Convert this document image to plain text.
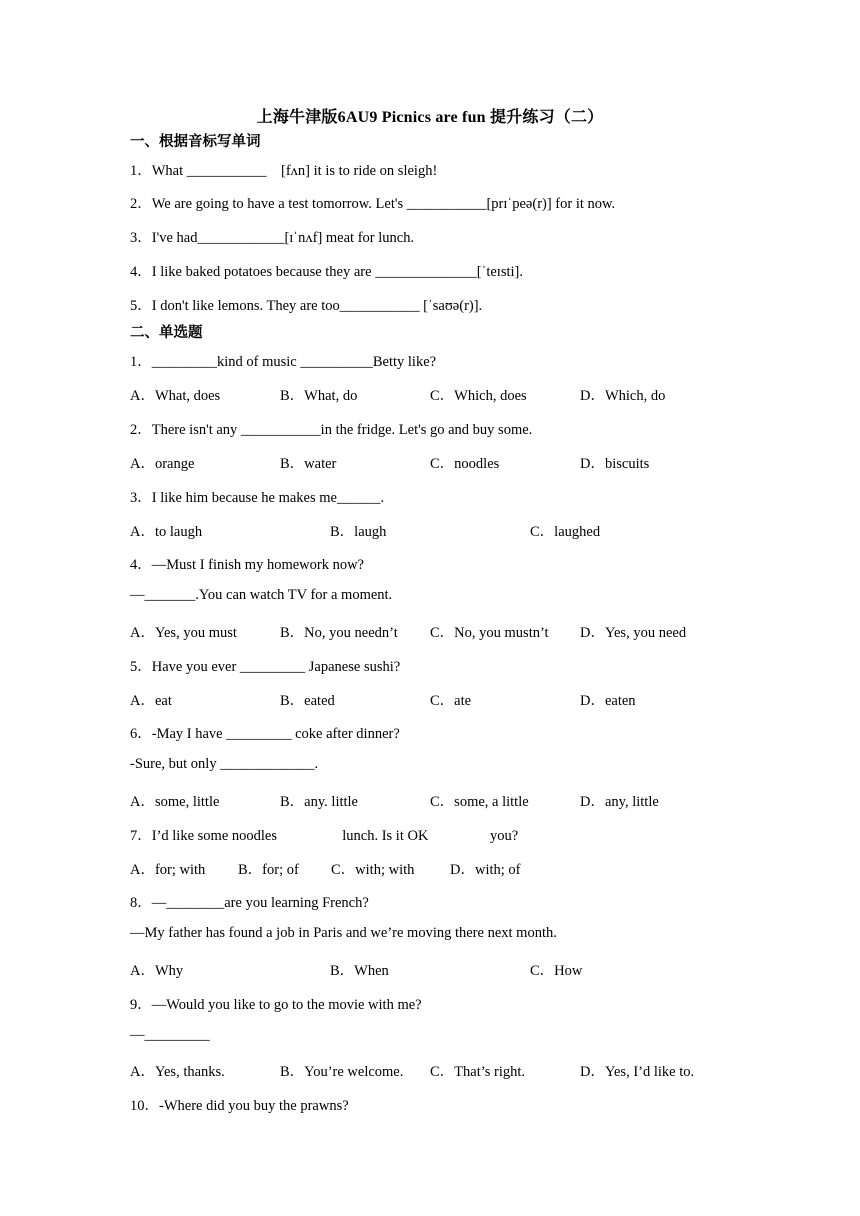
上海牛津版6AU9 Picnics are fun 提升练习（二）
一、根据音标写单词
1．What ___________    [fʌn] it is to ride on sleigh!
2．We are going to have a test tomorrow. Let's ___________[prɪˈpeə(r)] for it now.
3．I've had____________[ɪˈnʌf] meat for lunch.
4．I like baked potatoes because they are ______________[ˈteɪsti].
5．I don't like lemons. They are too___________ [ˈsaʊə(r)].
二、单选题
1．_________kind of music __________Betty like?
A．What, does	B．What, do	C．Which, does	D．Which, do
2．There isn't any ___________in the fridge. Let's go and buy some.
A．orange	B．water	C．noodles	D．biscuits
3．I like him because he makes me______.
A．to laugh	B．laugh	C．laughed
4．—Must I finish my homework now?
—_______.You can watch TV for a moment.
A．Yes, you must	B．No, you needn’t C．No, you mustn’t D．Yes, you need
5．Have you ever _________ Japanese sushi?
A．eat	B．eated	C．ate	D．eaten
6．-May I have _________ coke after dinner?
-Sure, but only _____________.
A．some, little	B．any. little	C．some, a little	D．any, little
7．I’d like some noodles                  lunch. Is it OK                 you?
A．for; with B．for; of C．with; with D．with; of
8．—________are you learning French?
—My father has found a job in Paris and we’re moving there next month.
A．Why	B．When	C．How
9．—Would you like to go to the movie with me?
—_________
A．Yes, thanks.	B．You’re welcome. C．That’s right.	D．Yes, I’d like to.
10．-Where did you buy the prawns?
